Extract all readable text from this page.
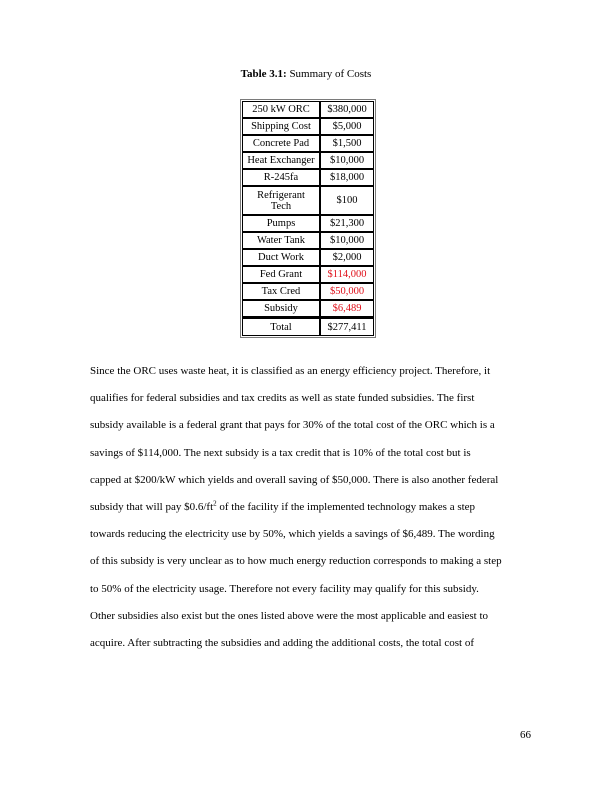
Table 3.1: Summary of Costs
250 kW ORC	$380,000
Shipping Cost	$5,000
Concrete Pad	$1,500
Heat Exchanger	$10,000
R-245fa	$18,000
Refrigerant
Tech	$100
Pumps	$21,300
Water Tank	$10,000
Duct Work	$2,000
Fed Grant	$114,000
Tax Cred	$50,000
Subsidy	$6,489
Total	$277,411

Since the ORC uses waste heat, it is classified as an energy efficiency project. Therefore, it

qualifies for federal subsidies and tax credits as well as state funded subsidies. The first

subsidy available is a federal grant that pays for 30% of the total cost of the ORC which is a

savings of $114,000. The next subsidy is a tax credit that is 10% of the total cost but is

capped at $200/kW which yields and overall saving of $50,000. There is also another federal

subsidy that will pay $\$0.6/ft^2$ of the facility if the implemented technology makes a step

towards reducing the electricity use by 50%, which yields a savings of $6,489. The wording

of this subsidy is very unclear as to how much energy reduction corresponds to making a step

to 50% of the electricity usage. Therefore not every facility may qualify for this subsidy.

Other subsidies also exist but the ones listed above were the most applicable and easiest to

acquire. After subtracting the subsidies and adding the additional costs, the total cost of

66
